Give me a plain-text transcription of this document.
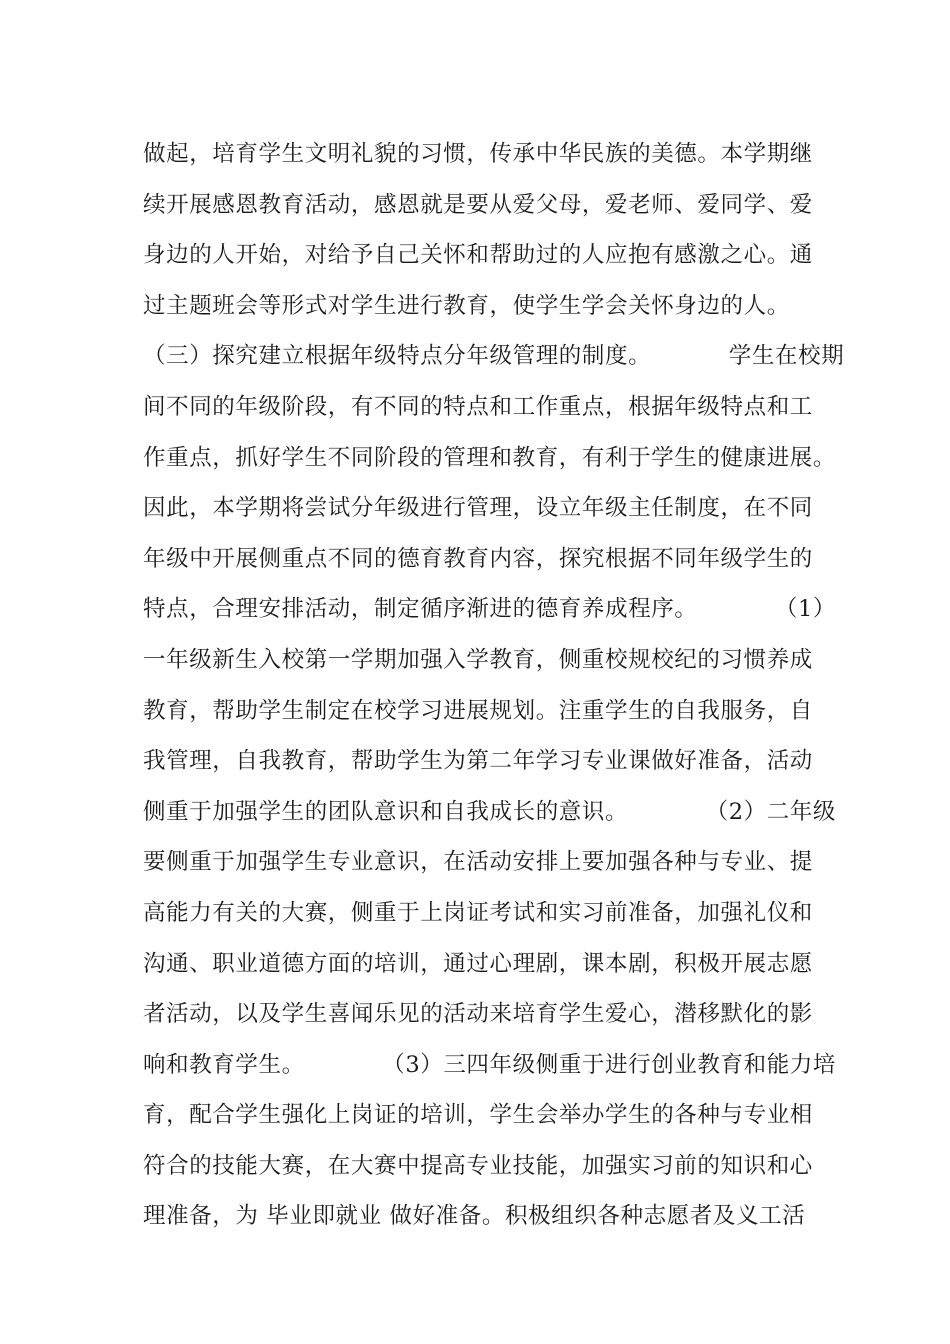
做起，培育学生文明礼貌的习惯，传承中华民族的美德。本学期继
续开展感恩教育活动，感恩就是要从爱父母，爱老师、爱同学、爱
身边的人开始，对给予自己关怀和帮助过的人应抱有感激之心。通
过主题班会等形式对学生进行教育，使学生学会关怀身边的人。
（三）探究建立根据年级特点分年级管理的制度。          学生在校期
间不同的年级阶段，有不同的特点和工作重点，根据年级特点和工
作重点，抓好学生不同阶段的管理和教育，有利于学生的健康进展。
因此，本学期将尝试分年级进行管理，设立年级主任制度，在不同
年级中开展侧重点不同的德育教育内容，探究根据不同年级学生的
特点，合理安排活动，制定循序渐进的德育养成程序。          （1）
一年级新生入校第一学期加强入学教育，侧重校规校纪的习惯养成
教育，帮助学生制定在校学习进展规划。注重学生的自我服务，自
我管理，自我教育，帮助学生为第二年学习专业课做好准备，活动
侧重于加强学生的团队意识和自我成长的意识。          （2）二年级
要侧重于加强学生专业意识，在活动安排上要加强各种与专业、提
高能力有关的大赛，侧重于上岗证考试和实习前准备，加强礼仪和
沟通、职业道德方面的培训，通过心理剧，课本剧，积极开展志愿
者活动，以及学生喜闻乐见的活动来培育学生爱心，潜移默化的影
响和教育学生。          （3）三四年级侧重于进行创业教育和能力培
育，配合学生强化上岗证的培训，学生会举办学生的各种与专业相
符合的技能大赛，在大赛中提高专业技能，加强实习前的知识和心
理准备，为 毕业即就业 做好准备。积极组织各种志愿者及义工活
